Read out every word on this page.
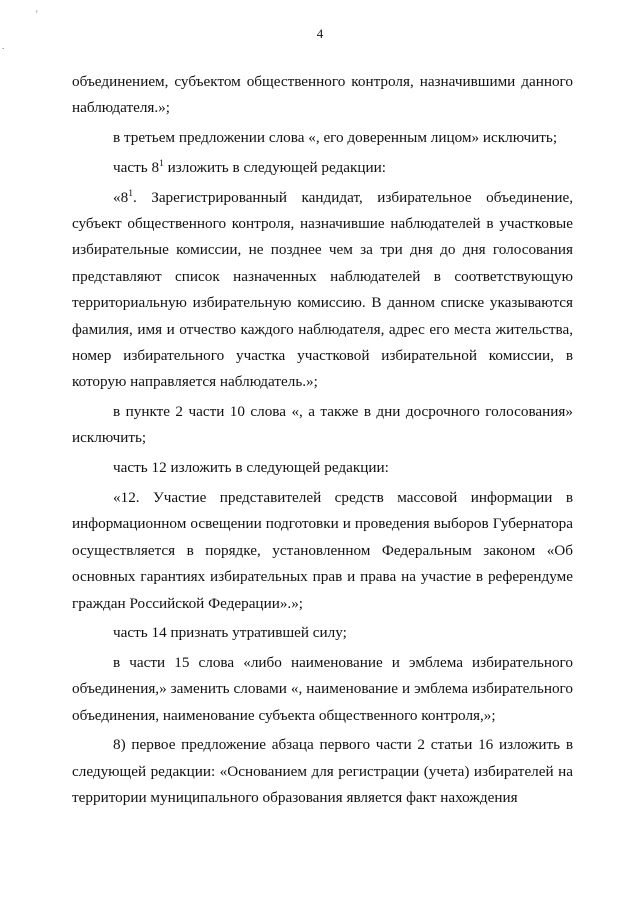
'
.
4

объединением, субъектом общественного контроля, назначившими данного наблюдателя.»;

в третьем предложении слова «, его доверенным лицом» исключить;

часть $8^1$ изложить в следующей редакции:

«$8^1$. Зарегистрированный кандидат, избирательное объединение, субъект общественного контроля, назначившие наблюдателей в участковые избирательные комиссии, не позднее чем за три дня до дня голосования представляют список назначенных наблюдателей в соответствующую территориальную избирательную комиссию. В данном списке указываются фамилия, имя и отчество каждого наблюдателя, адрес его места жительства, номер избирательного участка участковой избирательной комиссии, в которую направляется наблюдатель.»;

в пункте 2 части 10 слова «, а также в дни досрочного голосования» исключить;

часть 12 изложить в следующей редакции:

«12. Участие представителей средств массовой информации в информационном освещении подготовки и проведения выборов Губернатора осуществляется в порядке, установленном Федеральным законом «Об основных гарантиях избирательных прав и права на участие в референдуме граждан Российской Федерации».»;

часть 14 признать утратившей силу;

в части 15 слова «либо наименование и эмблема избирательного объединения,» заменить словами «, наименование и эмблема избирательного объединения, наименование субъекта общественного контроля,»;

8) первое предложение абзаца первого части 2 статьи 16 изложить в следующей редакции: «Основанием для регистрации (учета) избирателей на территории муниципального образования является факт нахождения
